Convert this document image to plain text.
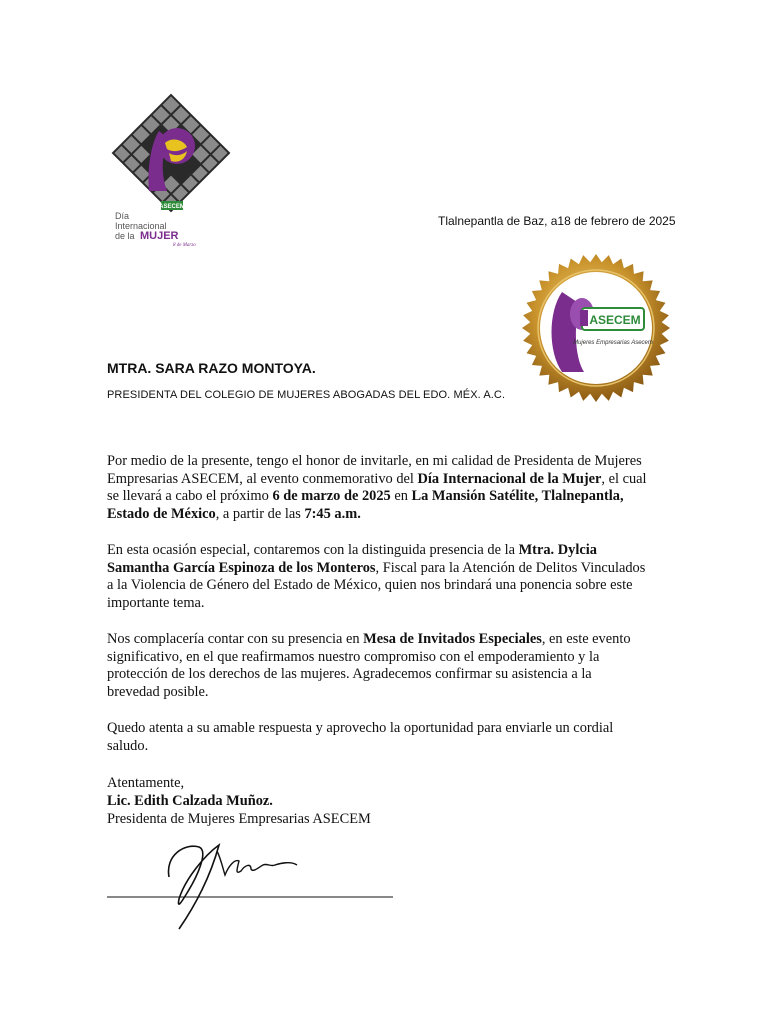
ASECEM
Día
Internacional
de la MUJER
8 de Marzo
Tlalnepantla de Baz, a18 de febrero de 2025
ASECEM
Mujeres Empresarias Asecem
MTRA. SARA RAZO MONTOYA.
PRESIDENTA DEL COLEGIO DE MUJERES ABOGADAS DEL EDO. MÉX. A.C.
Por medio de la presente, tengo el honor de invitarle, en mi calidad de Presidenta de Mujeres Empresarias ASECEM, al evento conmemorativo del Día Internacional de la Mujer, el cual se llevará a cabo el próximo 6 de marzo de 2025 en La Mansión Satélite, Tlalnepantla, Estado de México, a partir de las 7:45 a.m.
En esta ocasión especial, contaremos con la distinguida presencia de la Mtra. Dylcia Samantha García Espinoza de los Monteros, Fiscal para la Atención de Delitos Vinculados a la Violencia de Género del Estado de México, quien nos brindará una ponencia sobre este importante tema.
Nos complacería contar con su presencia en Mesa de Invitados Especiales, en este evento significativo, en el que reafirmamos nuestro compromiso con el empoderamiento y la protección de los derechos de las mujeres. Agradecemos confirmar su asistencia a la brevedad posible.
Quedo atenta a su amable respuesta y aprovecho la oportunidad para enviarle un cordial saludo.
Atentamente,
Lic. Edith Calzada Muñoz.
Presidenta de Mujeres Empresarias ASECEM
